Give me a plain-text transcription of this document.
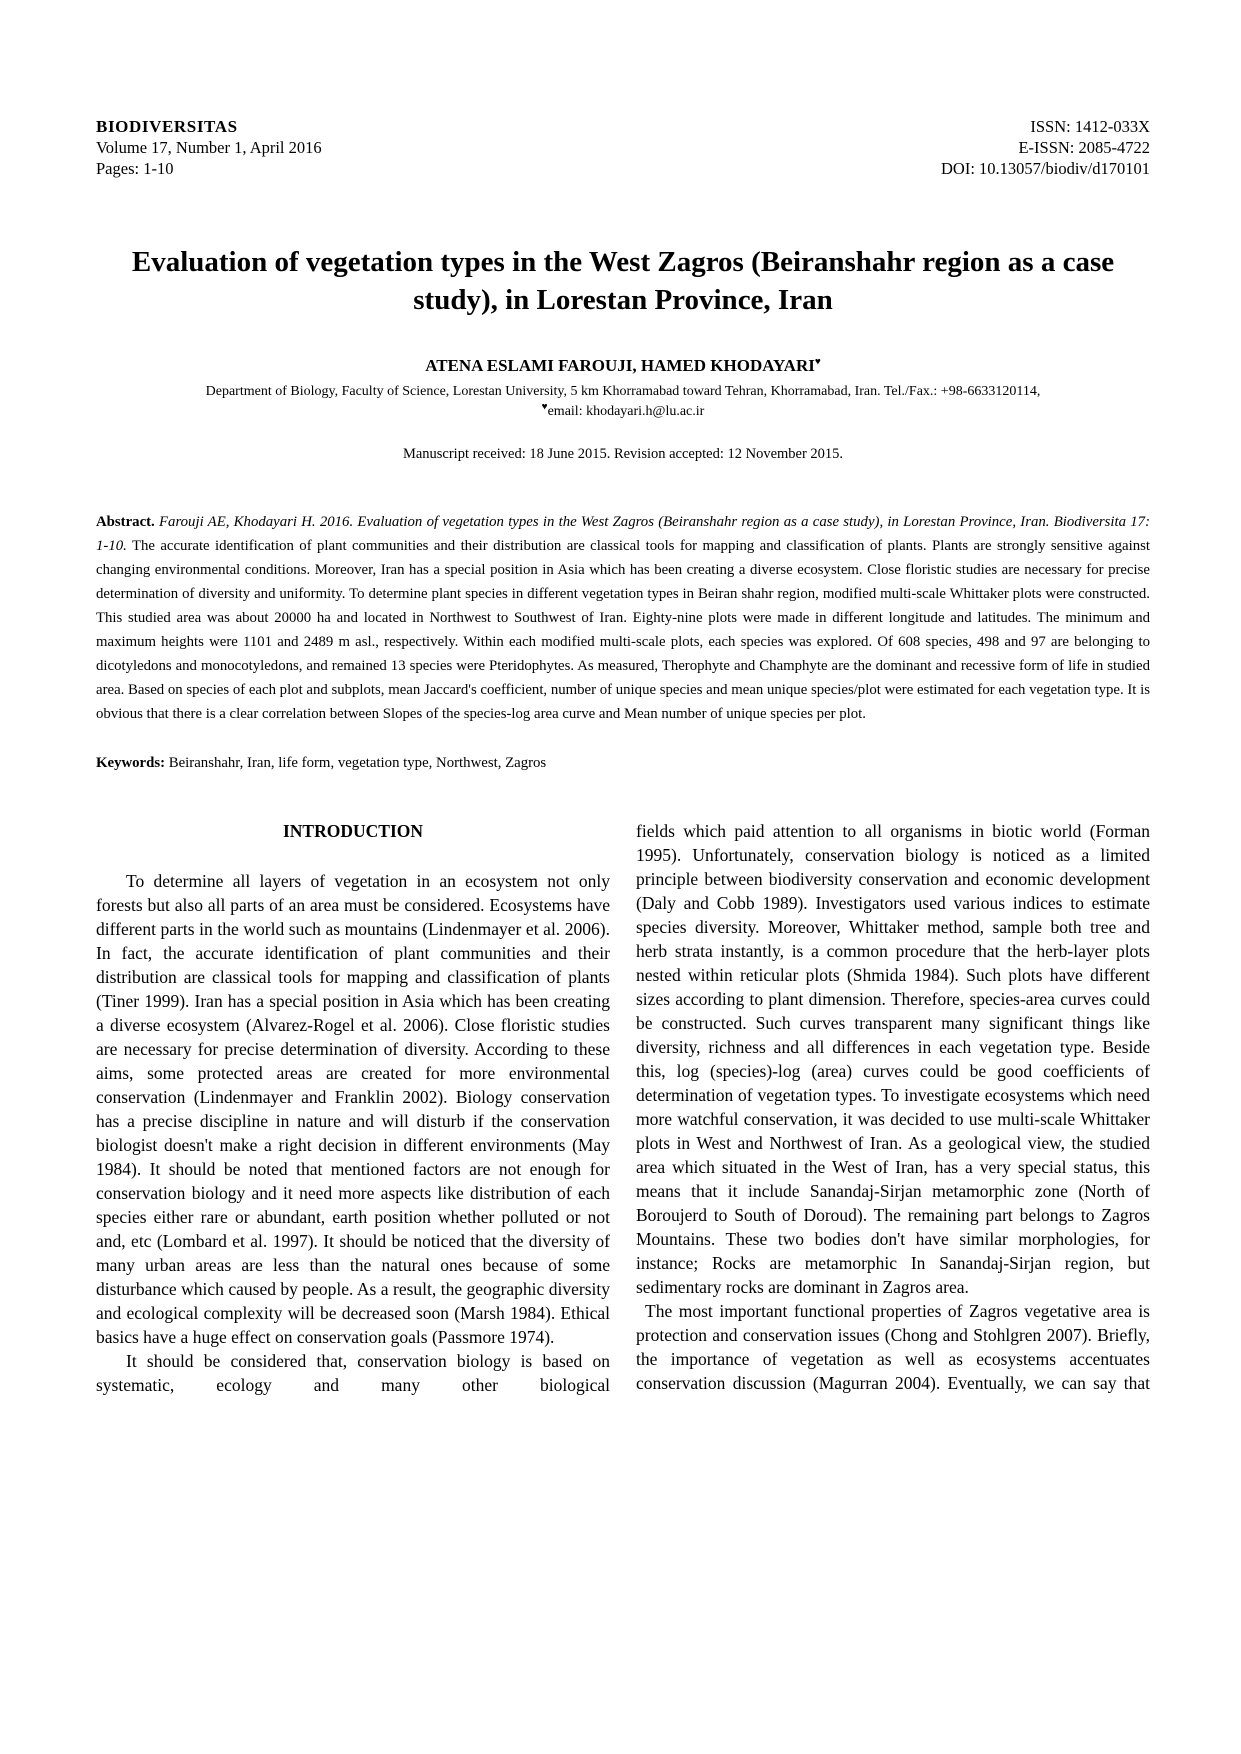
BIODIVERSITAS
Volume 17, Number 1, April 2016
Pages: 1-10
ISSN: 1412-033X
E-ISSN: 2085-4722
DOI: 10.13057/biodiv/d170101
Evaluation of vegetation types in the West Zagros (Beiranshahr region as a case study), in Lorestan Province, Iran
ATENA ESLAMI FAROUJI, HAMED KHODAYARI♥
Department of Biology, Faculty of Science, Lorestan University, 5 km Khorramabad toward Tehran, Khorramabad, Iran. Tel./Fax.: +98-6633120114,
♥email: khodayari.h@lu.ac.ir
Manuscript received: 18 June 2015. Revision accepted: 12 November 2015.
Abstract. Farouji AE, Khodayari H. 2016. Evaluation of vegetation types in the West Zagros (Beiranshahr region as a case study), in Lorestan Province, Iran. Biodiversita 17: 1-10. The accurate identification of plant communities and their distribution are classical tools for mapping and classification of plants. Plants are strongly sensitive against changing environmental conditions. Moreover, Iran has a special position in Asia which has been creating a diverse ecosystem. Close floristic studies are necessary for precise determination of diversity and uniformity. To determine plant species in different vegetation types in Beiran shahr region, modified multi-scale Whittaker plots were constructed. This studied area was about 20000 ha and located in Northwest to Southwest of Iran. Eighty-nine plots were made in different longitude and latitudes. The minimum and maximum heights were 1101 and 2489 m asl., respectively. Within each modified multi-scale plots, each species was explored. Of 608 species, 498 and 97 are belonging to dicotyledons and monocotyledons, and remained 13 species were Pteridophytes. As measured, Therophyte and Champhyte are the dominant and recessive form of life in studied area. Based on species of each plot and subplots, mean Jaccard's coefficient, number of unique species and mean unique species/plot were estimated for each vegetation type. It is obvious that there is a clear correlation between Slopes of the species-log area curve and Mean number of unique species per plot.
Keywords: Beiranshahr, Iran, life form, vegetation type, Northwest, Zagros
INTRODUCTION

To determine all layers of vegetation in an ecosystem not only forests but also all parts of an area must be considered. Ecosystems have different parts in the world such as mountains (Lindenmayer et al. 2006). In fact, the accurate identification of plant communities and their distribution are classical tools for mapping and classification of plants (Tiner 1999). Iran has a special position in Asia which has been creating a diverse ecosystem (Alvarez-Rogel et al. 2006). Close floristic studies are necessary for precise determination of diversity. According to these aims, some protected areas are created for more environmental conservation (Lindenmayer and Franklin 2002). Biology conservation has a precise discipline in nature and will disturb if the conservation biologist doesn't make a right decision in different environments (May 1984). It should be noted that mentioned factors are not enough for conservation biology and it need more aspects like distribution of each species either rare or abundant, earth position whether polluted or not and, etc (Lombard et al. 1997). It should be noticed that the diversity of many urban areas are less than the natural ones because of some disturbance which caused by people. As a result, the geographic diversity and ecological complexity will be decreased soon (Marsh 1984). Ethical basics have a huge effect on conservation goals (Passmore 1974).

It should be considered that, conservation biology is based on systematic, ecology and many other biological

fields which paid attention to all organisms in biotic world (Forman 1995). Unfortunately, conservation biology is noticed as a limited principle between biodiversity conservation and economic development (Daly and Cobb 1989). Investigators used various indices to estimate species diversity. Moreover, Whittaker method, sample both tree and herb strata instantly, is a common procedure that the herb-layer plots nested within reticular plots (Shmida 1984). Such plots have different sizes according to plant dimension. Therefore, species-area curves could be constructed. Such curves transparent many significant things like diversity, richness and all differences in each vegetation type. Beside this, log (species)-log (area) curves could be good coefficients of determination of vegetation types. To investigate ecosystems which need more watchful conservation, it was decided to use multi-scale Whittaker plots in West and Northwest of Iran. As a geological view, the studied area which situated in the West of Iran, has a very special status, this means that it include Sanandaj-Sirjan metamorphic zone (North of Boroujerd to South of Doroud). The remaining part belongs to Zagros Mountains. These two bodies don't have similar morphologies, for instance; Rocks are metamorphic In Sanandaj-Sirjan region, but sedimentary rocks are dominant in Zagros area.

The most important functional properties of Zagros vegetative area is protection and conservation issues (Chong and Stohlgren 2007). Briefly, the importance of vegetation as well as ecosystems accentuates conservation discussion (Magurran 2004). Eventually, we can say that
